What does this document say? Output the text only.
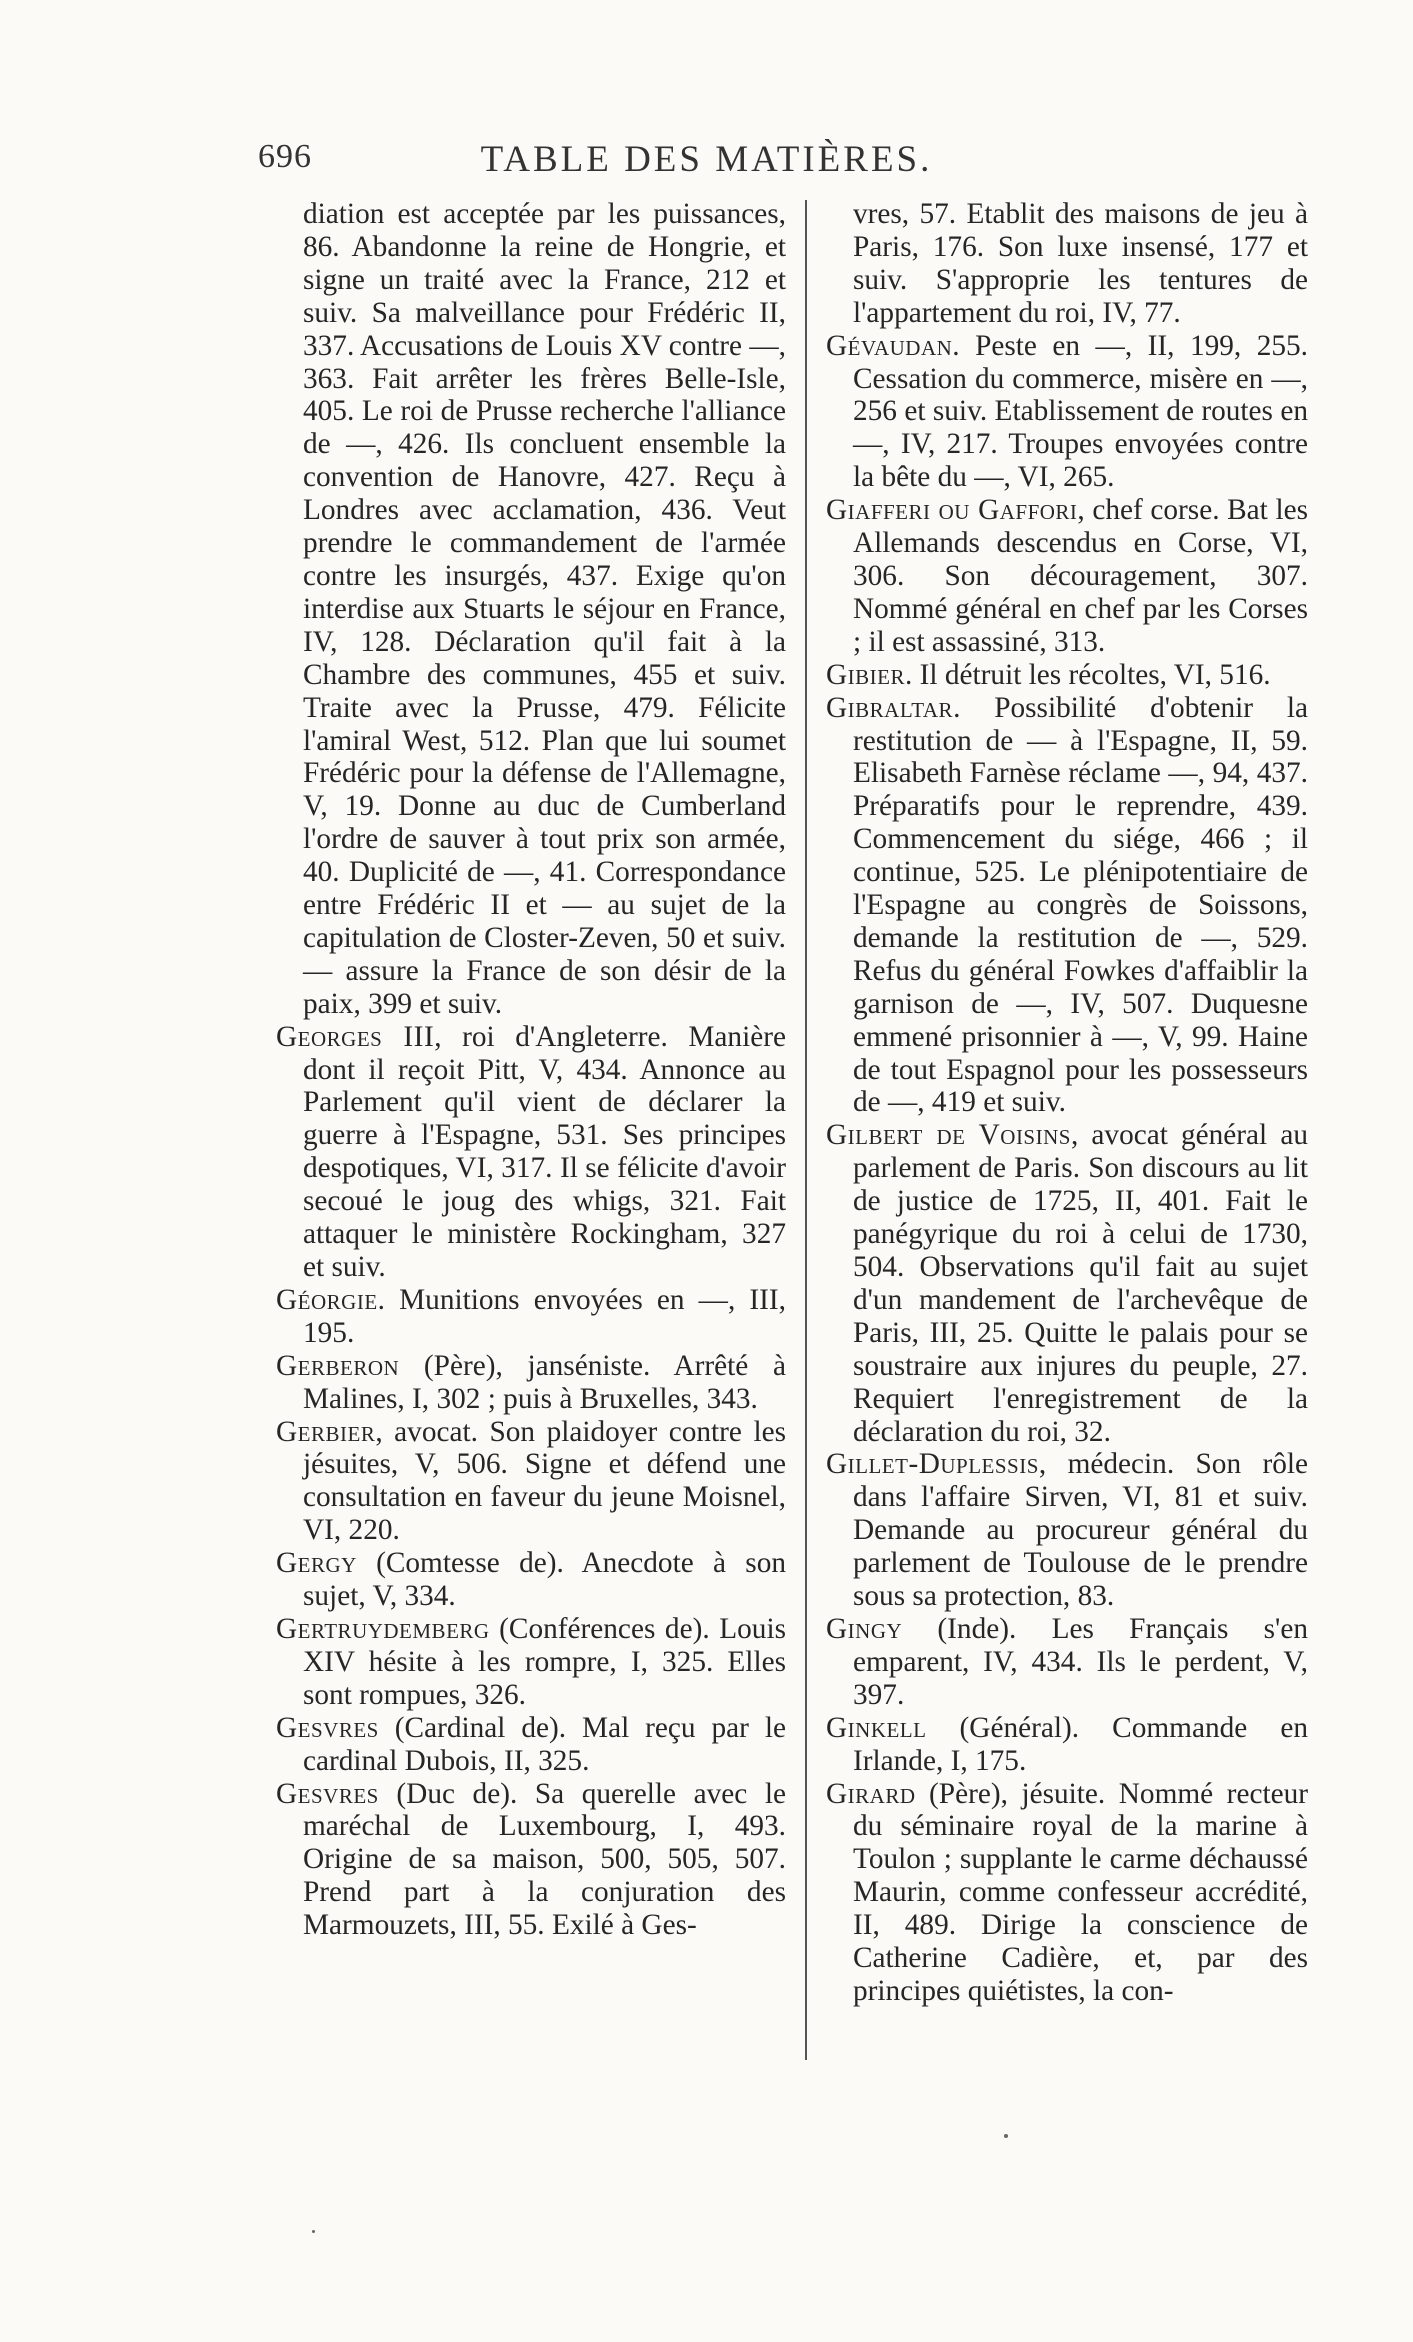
696	TABLE DES MATIÈRES.

diation est acceptée par les puissances, 86. Abandonne la reine de Hongrie, et signe un traité avec la France, 212 et suiv. Sa malveillance pour Frédéric II, 337. Accusations de Louis XV contre —, 363. Fait arrêter les frères Belle-Isle, 405. Le roi de Prusse recherche l'alliance de —, 426. Ils concluent ensemble la convention de Hanovre, 427. Reçu à Londres avec acclamation, 436. Veut prendre le commandement de l'armée contre les insurgés, 437. Exige qu'on interdise aux Stuarts le séjour en France, IV, 128. Déclaration qu'il fait à la Chambre des communes, 455 et suiv. Traite avec la Prusse, 479. Félicite l'amiral West, 512. Plan que lui soumet Frédéric pour la défense de l'Allemagne, V, 19. Donne au duc de Cumberland l'ordre de sauver à tout prix son armée, 40. Duplicité de —, 41. Correspondance entre Frédéric II et — au sujet de la capitulation de Closter-Zeven, 50 et suiv. — assure la France de son désir de la paix, 399 et suiv.

Georges III, roi d'Angleterre. Manière dont il reçoit Pitt, V, 434. Annonce au Parlement qu'il vient de déclarer la guerre à l'Espagne, 531. Ses principes despotiques, VI, 317. Il se félicite d'avoir secoué le joug des whigs, 321. Fait attaquer le ministère Rockingham, 327 et suiv.

Géorgie. Munitions envoyées en —, III, 195.

Gerberon (Père), janséniste. Arrêté à Malines, I, 302 ; puis à Bruxelles, 343.

Gerbier, avocat. Son plaidoyer contre les jésuites, V, 506. Signe et défend une consultation en faveur du jeune Moisnel, VI, 220.

Gergy (Comtesse de). Anecdote à son sujet, V, 334.

Gertruydemberg (Conférences de). Louis XIV hésite à les rompre, I, 325. Elles sont rompues, 326.

Gesvres (Cardinal de). Mal reçu par le cardinal Dubois, II, 325.

Gesvres (Duc de). Sa querelle avec le maréchal de Luxembourg, I, 493. Origine de sa maison, 500, 505, 507. Prend part à la conjuration des Marmouzets, III, 55. Exilé à Ges-

vres, 57. Etablit des maisons de jeu à Paris, 176. Son luxe insensé, 177 et suiv. S'approprie les tentures de l'appartement du roi, IV, 77.

Gévaudan. Peste en —, II, 199, 255. Cessation du commerce, misère en —, 256 et suiv. Etablissement de routes en —, IV, 217. Troupes envoyées contre la bête du —, VI, 265.

Giafferi ou Gaffori, chef corse. Bat les Allemands descendus en Corse, VI, 306. Son découragement, 307. Nommé général en chef par les Corses ; il est assassiné, 313.

Gibier. Il détruit les récoltes, VI, 516.

Gibraltar. Possibilité d'obtenir la restitution de — à l'Espagne, II, 59. Elisabeth Farnèse réclame —, 94, 437. Préparatifs pour le reprendre, 439. Commencement du siége, 466 ; il continue, 525. Le plénipotentiaire de l'Espagne au congrès de Soissons, demande la restitution de —, 529. Refus du général Fowkes d'affaiblir la garnison de —, IV, 507. Duquesne emmené prisonnier à —, V, 99. Haine de tout Espagnol pour les possesseurs de —, 419 et suiv.

Gilbert de Voisins, avocat général au parlement de Paris. Son discours au lit de justice de 1725, II, 401. Fait le panégyrique du roi à celui de 1730, 504. Observations qu'il fait au sujet d'un mandement de l'archevêque de Paris, III, 25. Quitte le palais pour se soustraire aux injures du peuple, 27. Requiert l'enregistrement de la déclaration du roi, 32.

Gillet-Duplessis, médecin. Son rôle dans l'affaire Sirven, VI, 81 et suiv. Demande au procureur général du parlement de Toulouse de le prendre sous sa protection, 83.

Gingy (Inde). Les Français s'en emparent, IV, 434. Ils le perdent, V, 397.

Ginkell (Général). Commande en Irlande, I, 175.

Girard (Père), jésuite. Nommé recteur du séminaire royal de la marine à Toulon ; supplante le carme déchaussé Maurin, comme confesseur accrédité, II, 489. Dirige la conscience de Catherine Cadière, et, par des principes quiétistes, la con-
